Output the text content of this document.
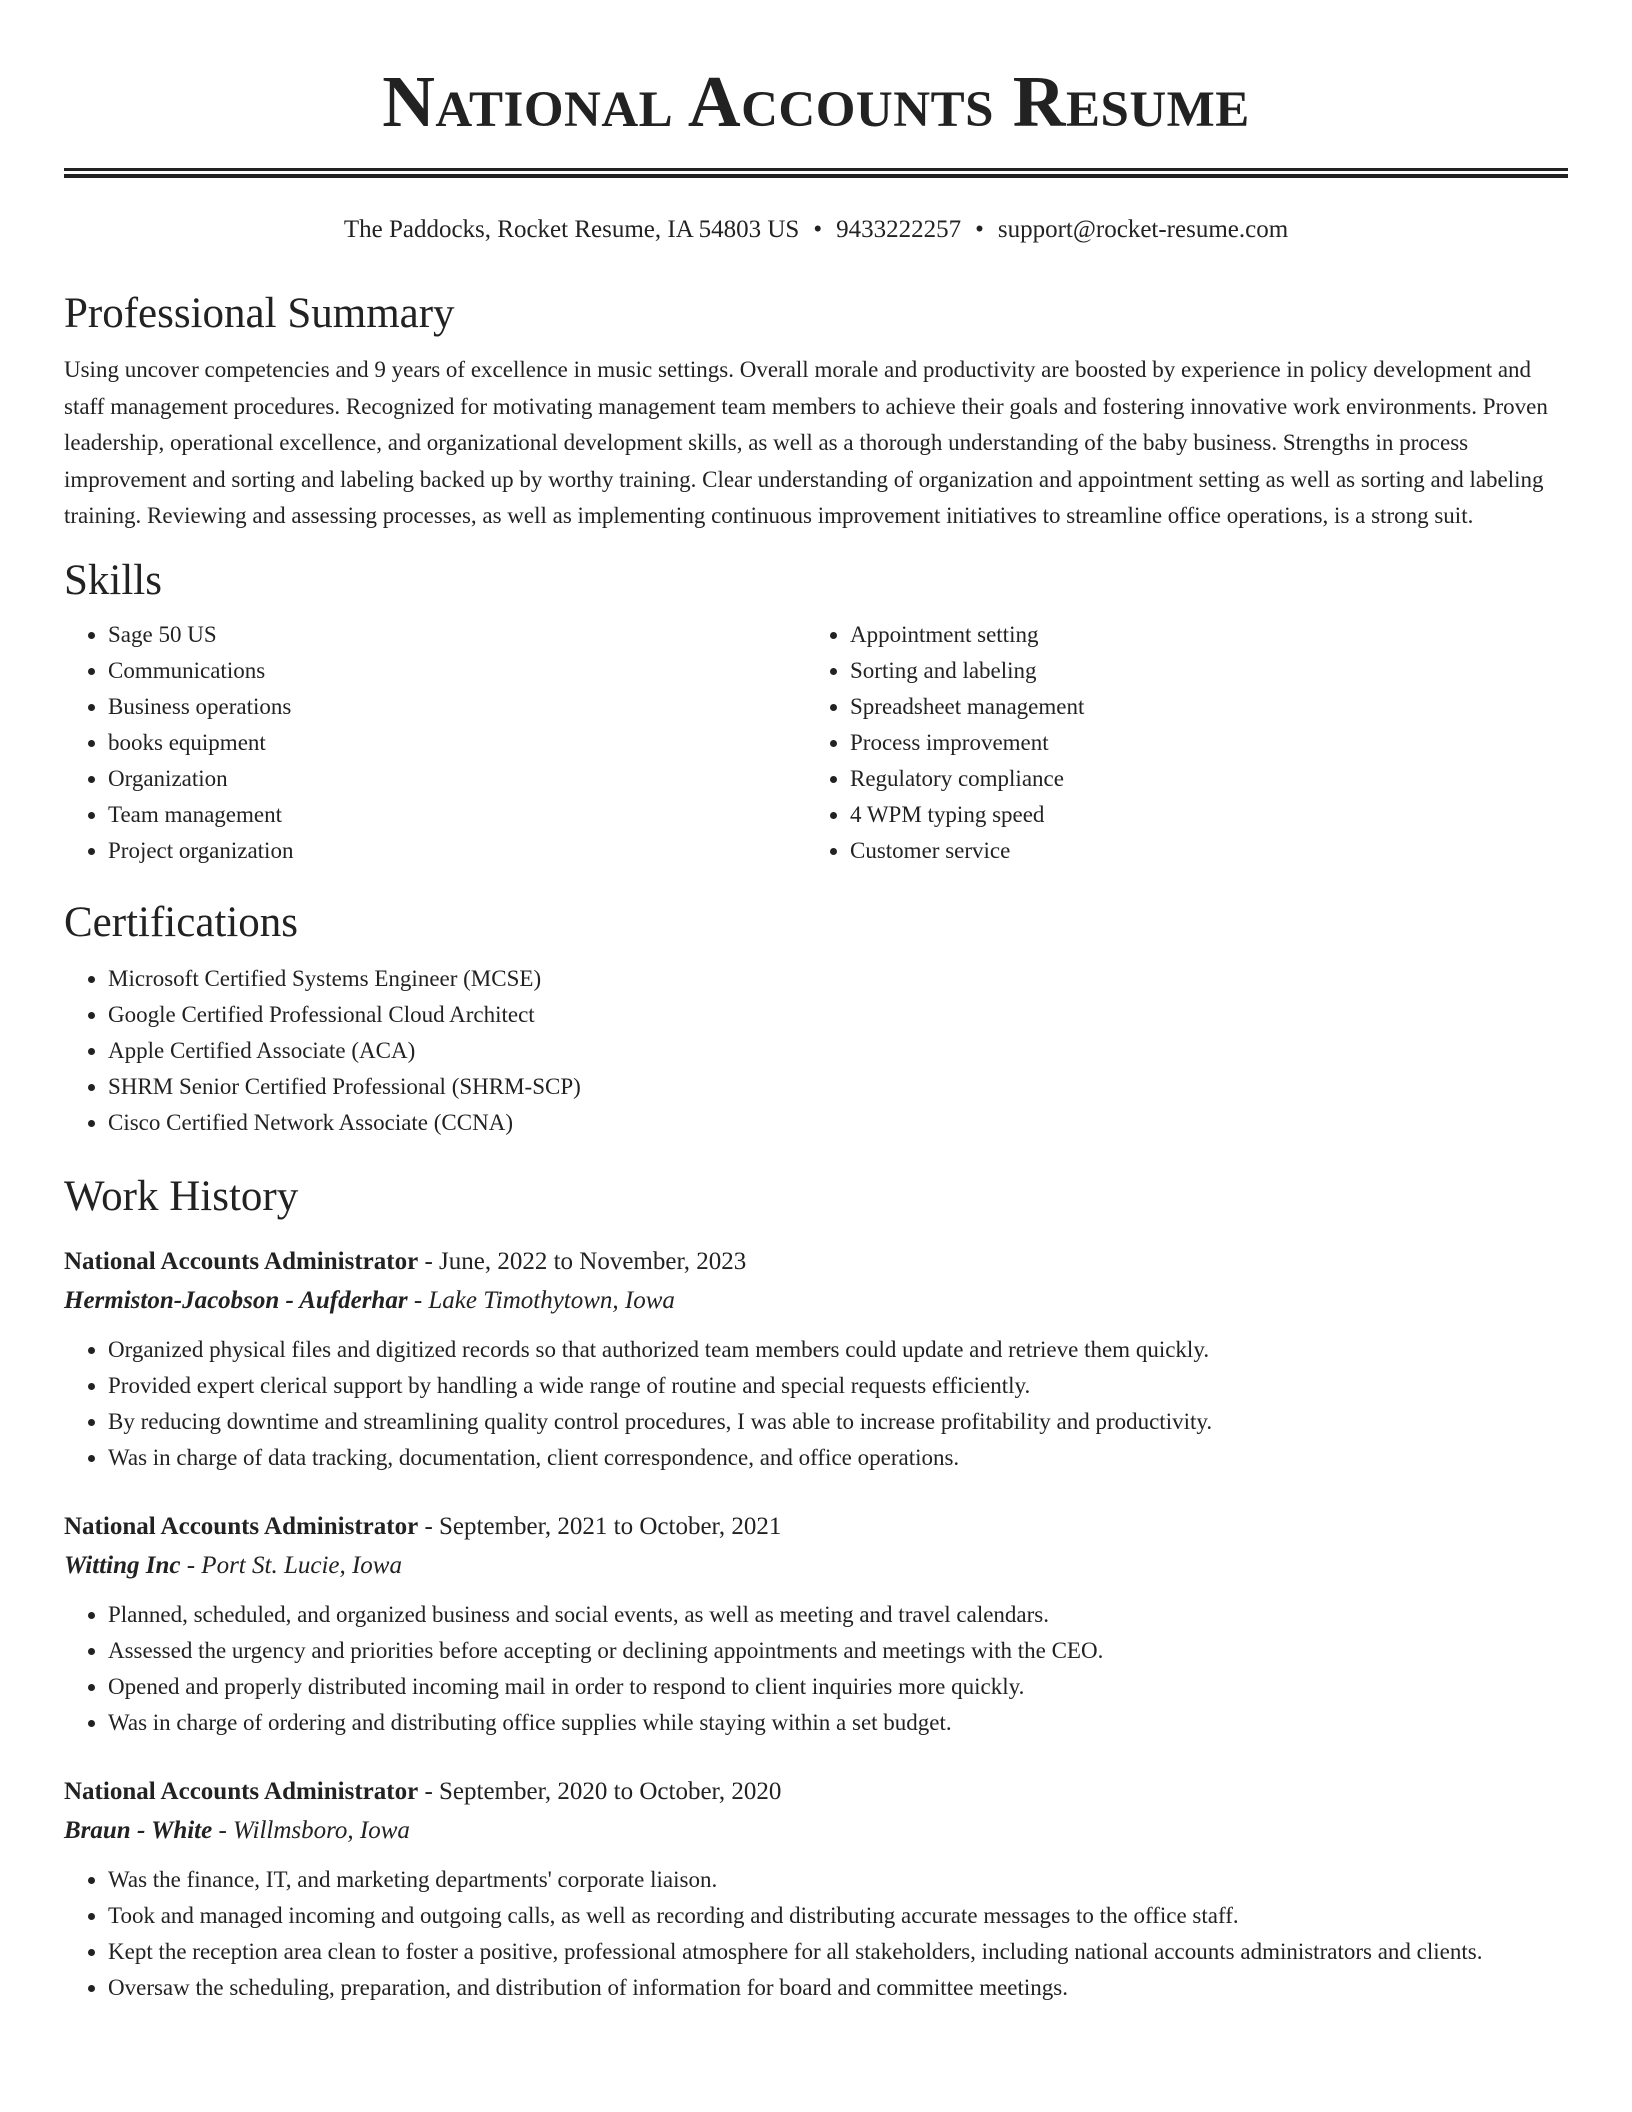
National Accounts Resume
The Paddocks, Rocket Resume, IA 54803 US • 9433222257 • support@rocket-resume.com
Professional Summary

Using uncover competencies and 9 years of excellence in music settings. Overall morale and productivity are boosted by experience in policy development and staff management procedures. Recognized for motivating management team members to achieve their goals and fostering innovative work environments. Proven leadership, operational excellence, and organizational development skills, as well as a thorough understanding of the baby business. Strengths in process improvement and sorting and labeling backed up by worthy training. Clear understanding of organization and appointment setting as well as sorting and labeling training. Reviewing and assessing processes, as well as implementing continuous improvement initiatives to streamline office operations, is a strong suit.

Skills
• Sage 50 US
• Communications
• Business operations
• books equipment
• Organization
• Team management
• Project organization
• Appointment setting
• Sorting and labeling
• Spreadsheet management
• Process improvement
• Regulatory compliance
• 4 WPM typing speed
• Customer service
Certifications
• Microsoft Certified Systems Engineer (MCSE)
• Google Certified Professional Cloud Architect
• Apple Certified Associate (ACA)
• SHRM Senior Certified Professional (SHRM-SCP)
• Cisco Certified Network Associate (CCNA)
Work History
National Accounts Administrator - June, 2022 to November, 2023
Hermiston-Jacobson - Aufderhar - Lake Timothytown, Iowa
• Organized physical files and digitized records so that authorized team members could update and retrieve them quickly.
• Provided expert clerical support by handling a wide range of routine and special requests efficiently.
• By reducing downtime and streamlining quality control procedures, I was able to increase profitability and productivity.
• Was in charge of data tracking, documentation, client correspondence, and office operations.
National Accounts Administrator - September, 2021 to October, 2021
Witting Inc - Port St. Lucie, Iowa
• Planned, scheduled, and organized business and social events, as well as meeting and travel calendars.
• Assessed the urgency and priorities before accepting or declining appointments and meetings with the CEO.
• Opened and properly distributed incoming mail in order to respond to client inquiries more quickly.
• Was in charge of ordering and distributing office supplies while staying within a set budget.
National Accounts Administrator - September, 2020 to October, 2020
Braun - White - Willmsboro, Iowa
• Was the finance, IT, and marketing departments' corporate liaison.
• Took and managed incoming and outgoing calls, as well as recording and distributing accurate messages to the office staff.
• Kept the reception area clean to foster a positive, professional atmosphere for all stakeholders, including national accounts administrators and clients.
• Oversaw the scheduling, preparation, and distribution of information for board and committee meetings.
